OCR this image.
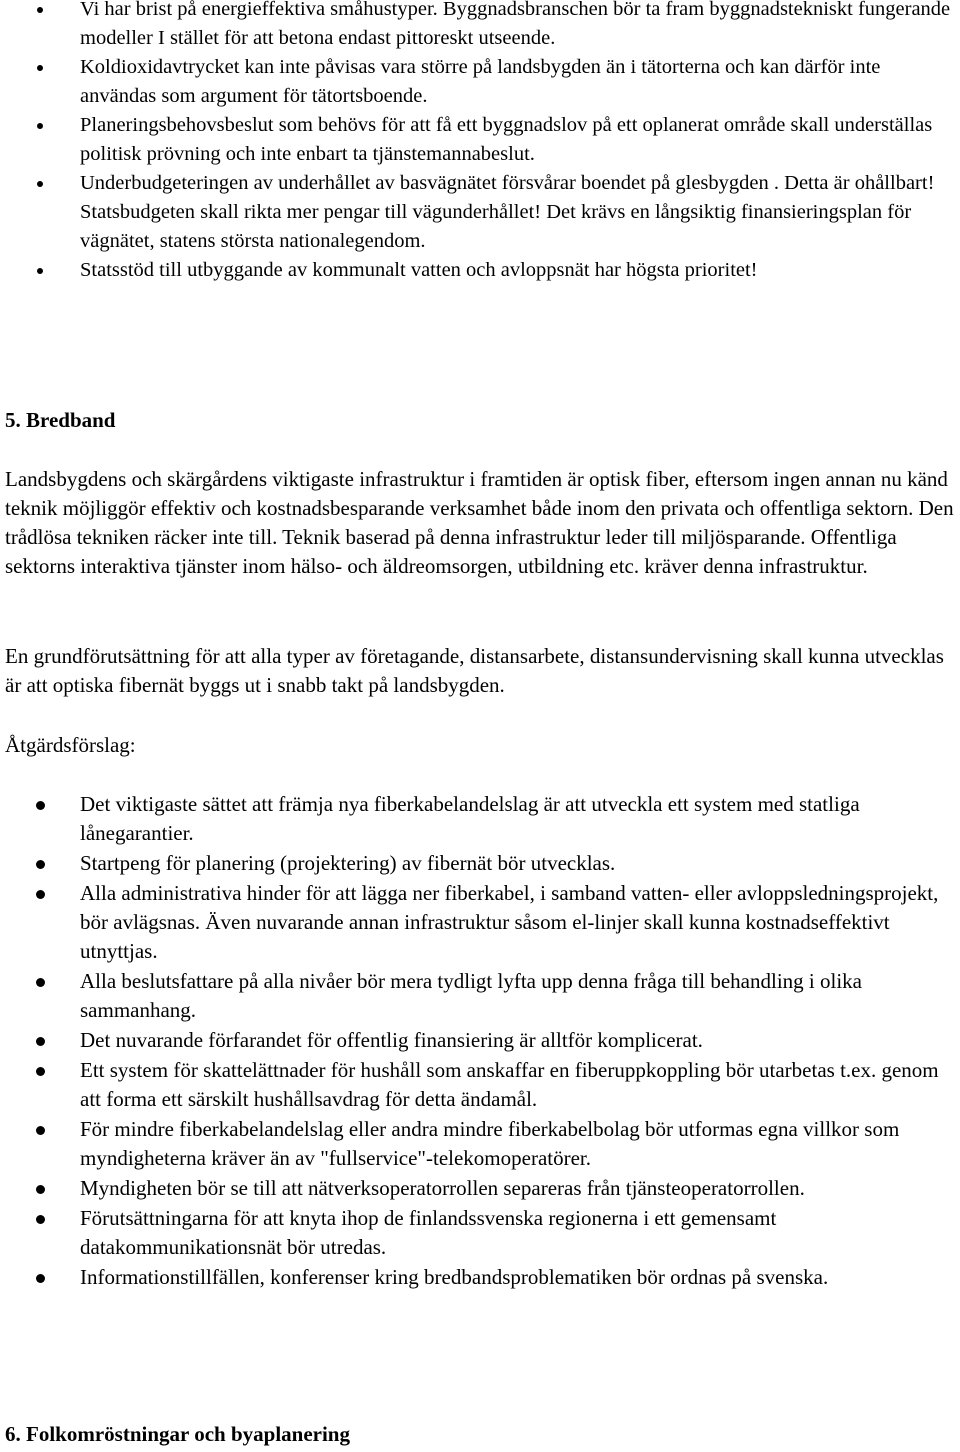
Vi har brist på energieffektiva småhustyper. Byggnadsbranschen bör ta fram byggnadstekniskt fungerande modeller I stället för att betona endast pittoreskt utseende.
Koldioxidavtrycket kan inte påvisas vara större på landsbygden än i tätorterna och kan därför inte användas som argument för tätortsboende.
Planeringsbehovsbeslut som behövs för att få ett byggnadslov på ett oplanerat område skall underställas politisk prövning och inte enbart ta tjänstemannabeslut.
Underbudgeteringen av underhållet av basvägnätet försvårar boendet på glesbygden . Detta är ohållbart! Statsbudgeten skall rikta mer pengar till vägunderhållet! Det krävs en långsiktig finansieringsplan för vägnätet, statens största nationalegendom.
Statsstöd till utbyggande av kommunalt vatten och avloppsnät har högsta prioritet!
5. Bredband
Landsbygdens och skärgårdens viktigaste infrastruktur i framtiden är optisk fiber, eftersom ingen annan nu känd teknik möjliggör effektiv och kostnadsbesparande verksamhet både inom den privata och offentliga sektorn. Den trådlösa tekniken räcker inte till. Teknik baserad på denna infrastruktur leder till miljösparande. Offentliga sektorns interaktiva tjänster inom hälso- och äldreomsorgen, utbildning etc. kräver denna infrastruktur.
En grundförutsättning för att alla typer av företagande, distansarbete, distansundervisning skall kunna utvecklas är att optiska fibernät byggs ut i snabb takt på landsbygden.
Åtgärdsförslag:
Det viktigaste sättet att främja nya fiberkabelandelslag är att utveckla ett system med statliga lånegarantier.
Startpeng för planering (projektering) av fibernät bör utvecklas.
Alla administrativa hinder för att lägga ner fiberkabel, i samband vatten- eller avloppsledningsprojekt, bör avlägsnas. Även nuvarande annan infrastruktur såsom el-linjer skall kunna kostnadseffektivt utnyttjas.
Alla beslutsfattare på alla nivåer bör mera tydligt lyfta upp denna fråga till behandling i olika sammanhang.
Det nuvarande förfarandet för offentlig finansiering är alltför komplicerat.
Ett system för skattelättnader för hushåll som anskaffar en fiberuppkoppling bör utarbetas t.ex. genom att forma ett särskilt hushållsavdrag för detta ändamål.
För mindre fiberkabelandelslag eller andra mindre fiberkabelbolag bör utformas egna villkor som myndigheterna kräver än av "fullservice"-telekomoperatörer.
Myndigheten bör se till att nätverksoperatorrollen separeras från tjänsteoperatorrollen.
Förutsättningarna för att knyta ihop de finlandssvenska regionerna i ett gemensamt datakommunikationsnät bör utredas.
Informationstillfällen, konferenser kring bredbandsproblematiken bör ordnas på svenska.
6. Folkomröstningar och byaplanering
